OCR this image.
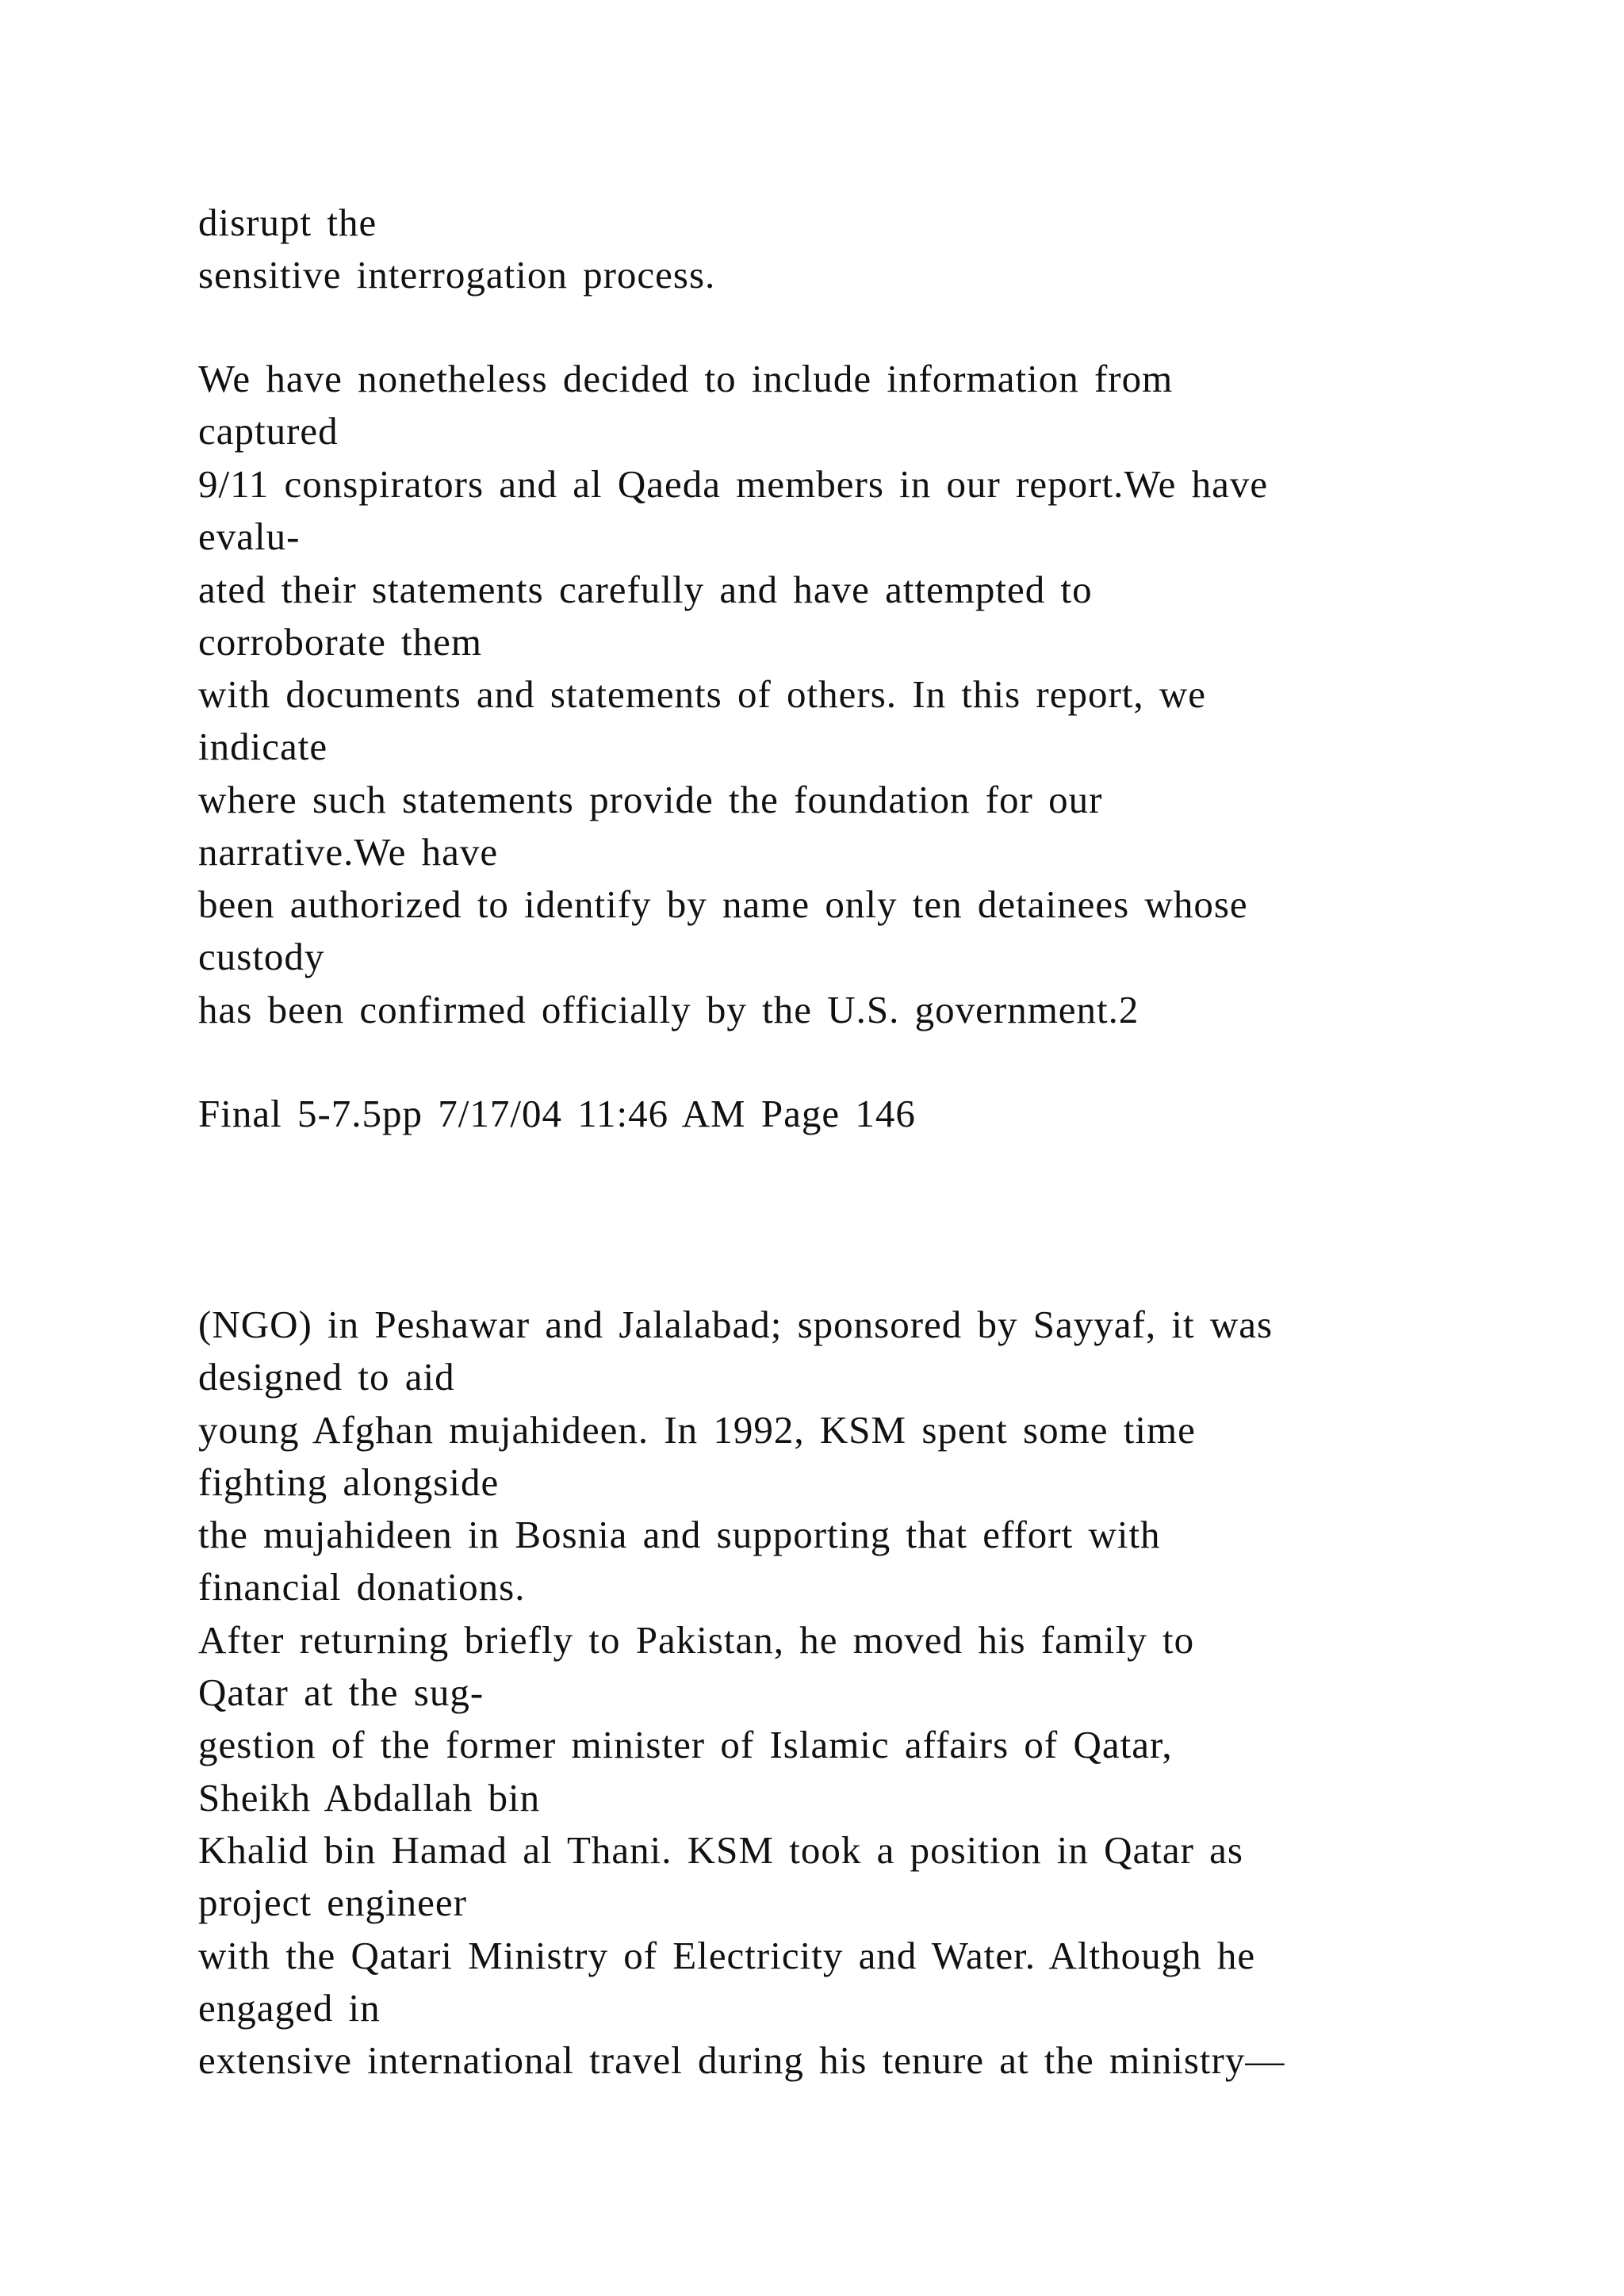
disrupt the
sensitive interrogation process.
We have nonetheless decided to include information from
captured
9/11 conspirators and al Qaeda members in our report.We have
evalu-
ated their statements carefully and have attempted to
corroborate them
with documents and statements of others. In this report, we
indicate
where such statements provide the foundation for our
narrative.We have
been authorized to identify by name only ten detainees whose
custody
has been confirmed officially by the U.S. government.2
Final 5-7.5pp 7/17/04 11:46 AM Page 146
(NGO) in Peshawar and Jalalabad; sponsored by Sayyaf, it was
designed to aid
young Afghan mujahideen. In 1992, KSM spent some time
fighting alongside
the mujahideen in Bosnia and supporting that effort with
financial donations.
After returning briefly to Pakistan, he moved his family to
Qatar at the sug-
gestion of the former minister of Islamic affairs of Qatar,
Sheikh Abdallah bin
Khalid bin Hamad al Thani. KSM took a position in Qatar as
project engineer
with the Qatari Ministry of Electricity and Water. Although he
engaged in
extensive international travel during his tenure at the ministry—
